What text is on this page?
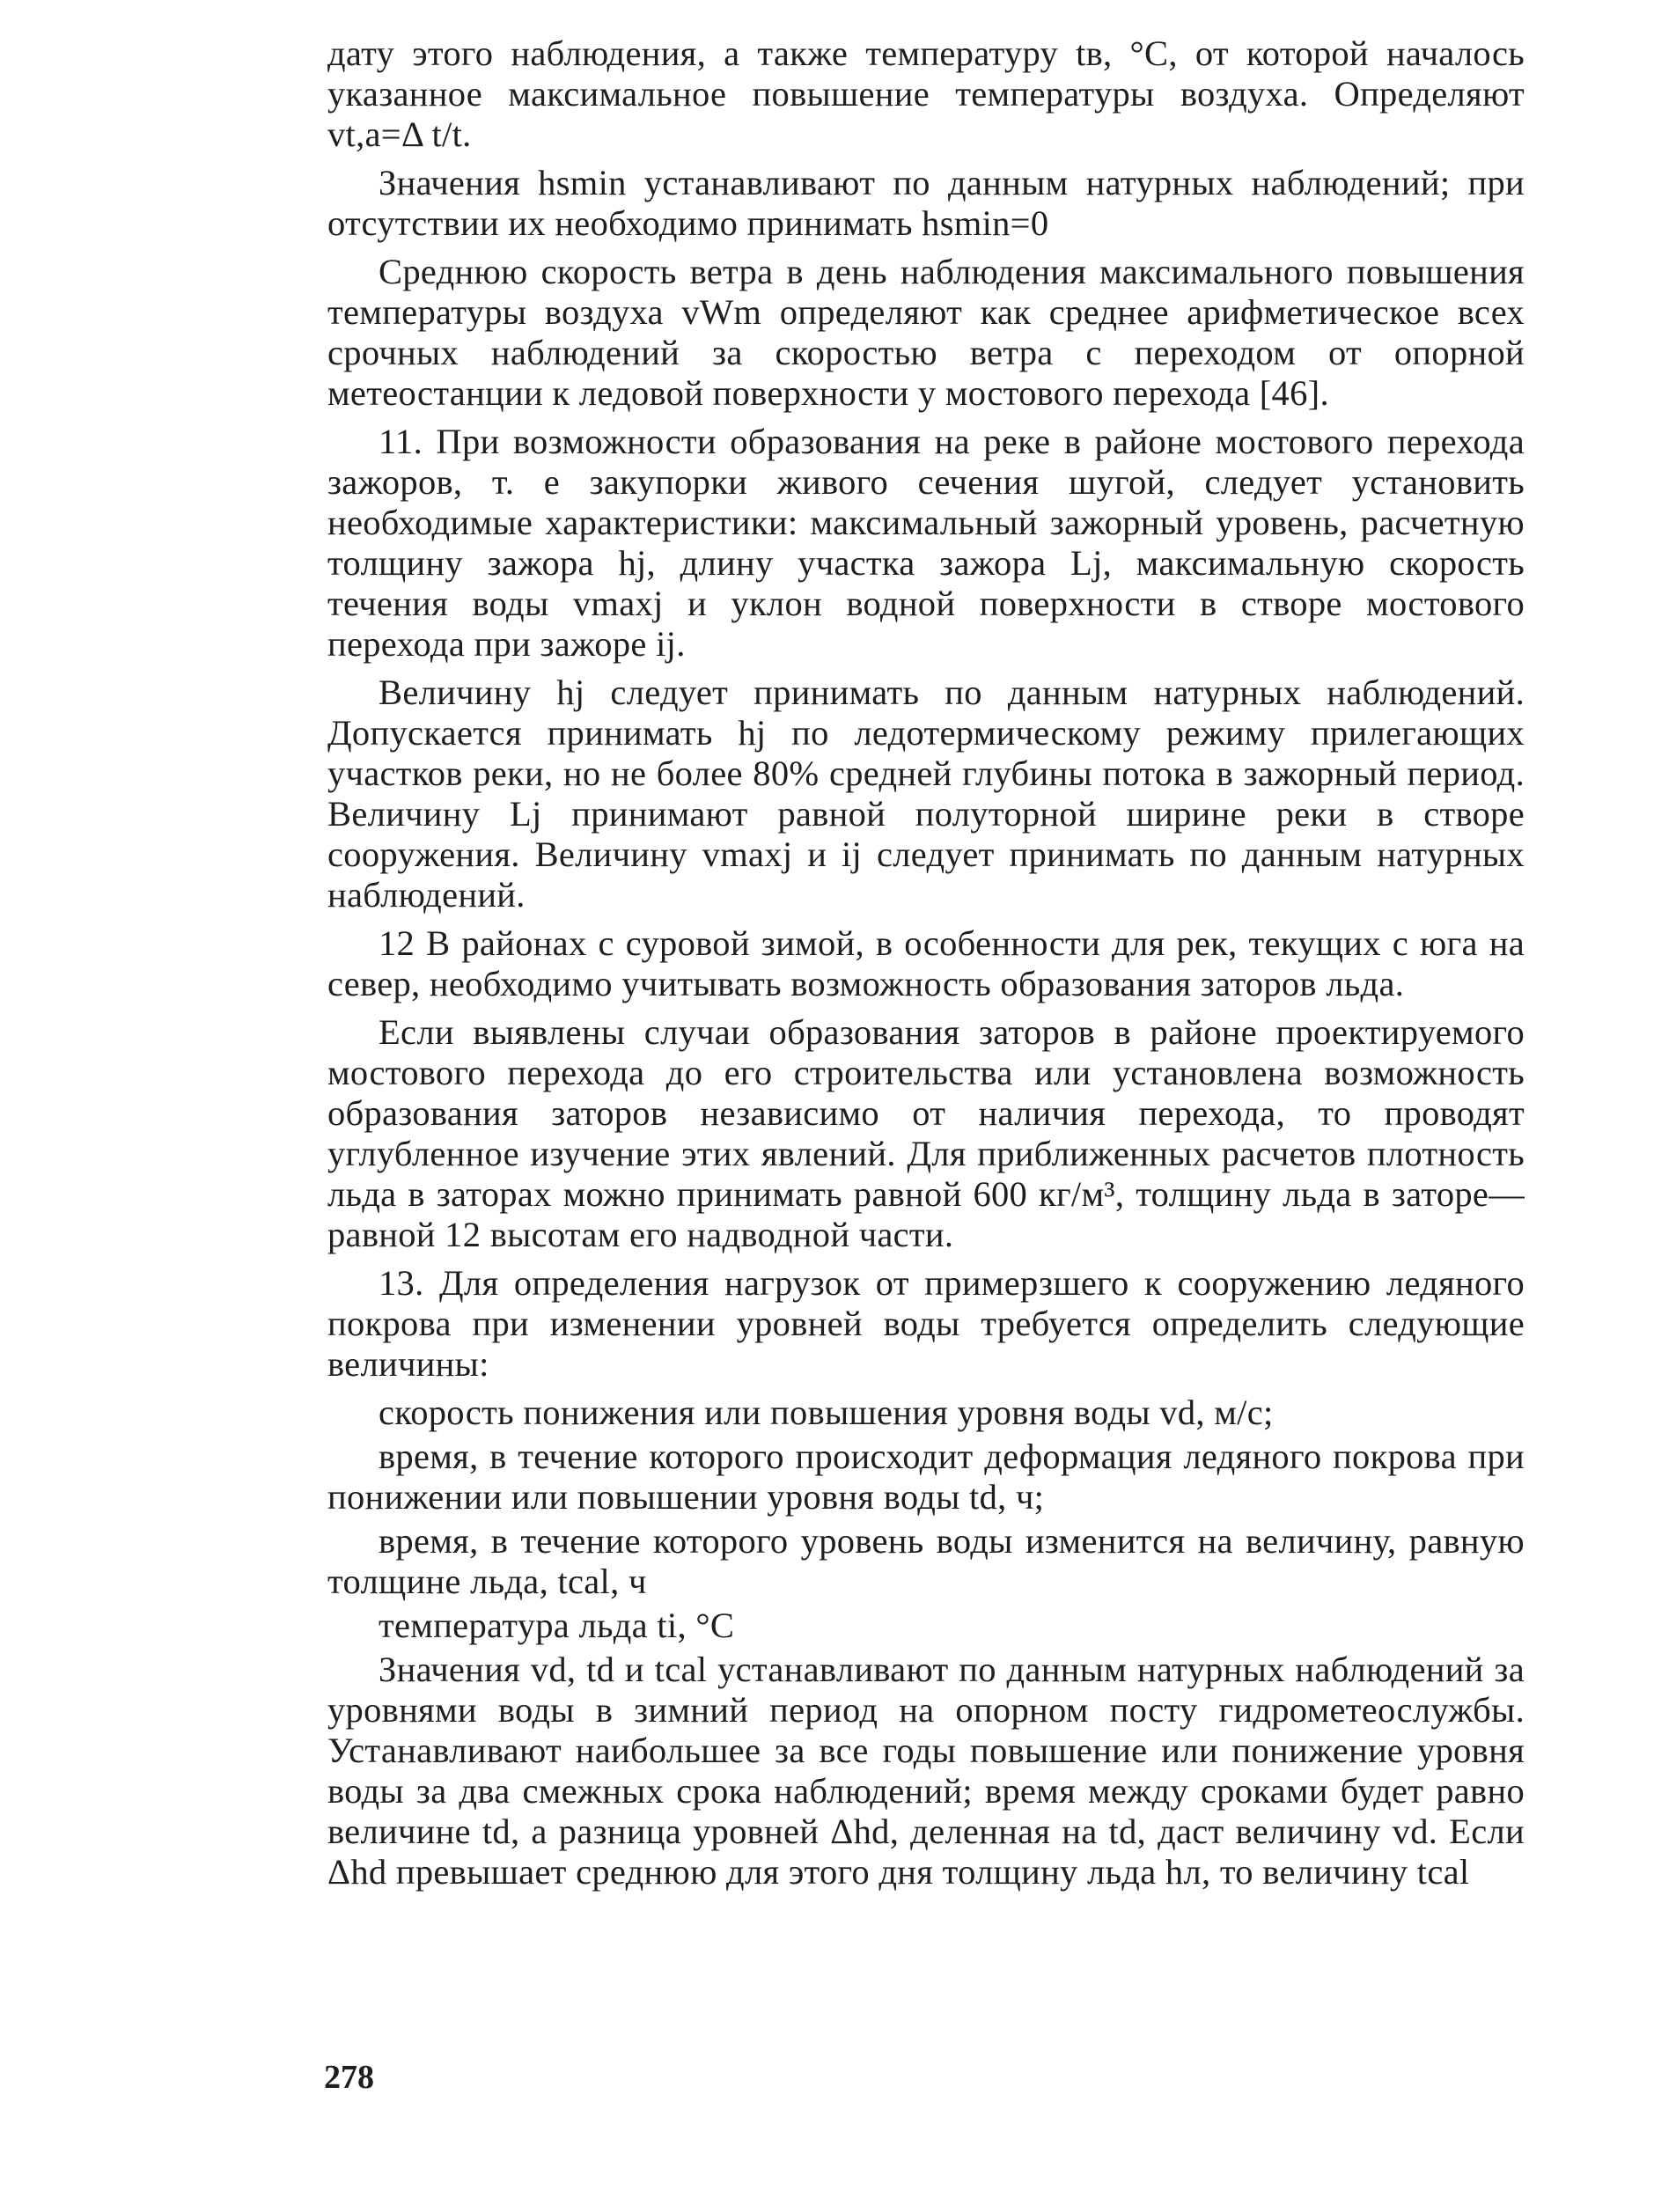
дату этого наблюдения, а также температуру tв, °С, от которой началось указанное максимальное повышение температуры воздуха. Определяют vt,a=Δ t/t.

Значения hsmin устанавливают по данным натурных наблюдений; при отсутствии их необходимо принимать hsmin=0

Среднюю скорость ветра в день наблюдения максимального повышения температуры воздуха vWm определяют как среднее арифметическое всех срочных наблюдений за скоростью ветра с переходом от опорной метеостанции к ледовой поверхности у мостового перехода [46].

11. При возможности образования на реке в районе мостового перехода зажоров, т. е закупорки живого сечения шугой, следует установить необходимые характеристики: максимальный зажорный уровень, расчетную толщину зажора hj, длину участка зажора Lj, максимальную скорость течения воды vmaxj и уклон водной поверхности в створе мостового перехода при зажоре ij.

Величину hj следует принимать по данным натурных наблюдений. Допускается принимать hj по ледотермическому режиму прилегающих участков реки, но не более 80% средней глубины потока в зажорный период. Величину Lj принимают равной полуторной ширине реки в створе сооружения. Величину vmaxj и ij следует принимать по данным натурных наблюдений.

12 В районах с суровой зимой, в особенности для рек, текущих с юга на север, необходимо учитывать возможность образования заторов льда.

Если выявлены случаи образования заторов в районе проектируемого мостового перехода до его строительства или установлена возможность образования заторов независимо от наличия перехода, то проводят углубленное изучение этих явлений. Для приближенных расчетов плотность льда в заторах можно принимать равной 600 кг/м³, толщину льда в заторе—равной 12 высотам его надводной части.

13. Для определения нагрузок от примерзшего к сооружению ледяного покрова при изменении уровней воды требуется определить следующие величины:

скорость понижения или повышения уровня воды vd, м/с;

время, в течение которого происходит деформация ледяного покрова при понижении или повышении уровня воды td, ч;

время, в течение которого уровень воды изменится на величину, равную толщине льда, tcal, ч

температура льда ti, °С

Значения vd, td и tcal устанавливают по данным натурных наблюдений за уровнями воды в зимний период на опорном посту гидрометеослужбы. Устанавливают наибольшее за все годы повышение или понижение уровня воды за два смежных срока наблюдений; время между сроками будет равно величине td, а разница уровней Δhd, деленная на td, даст величину vd. Если Δhd превышает среднюю для этого дня толщину льда hл, то величину tcal

278
